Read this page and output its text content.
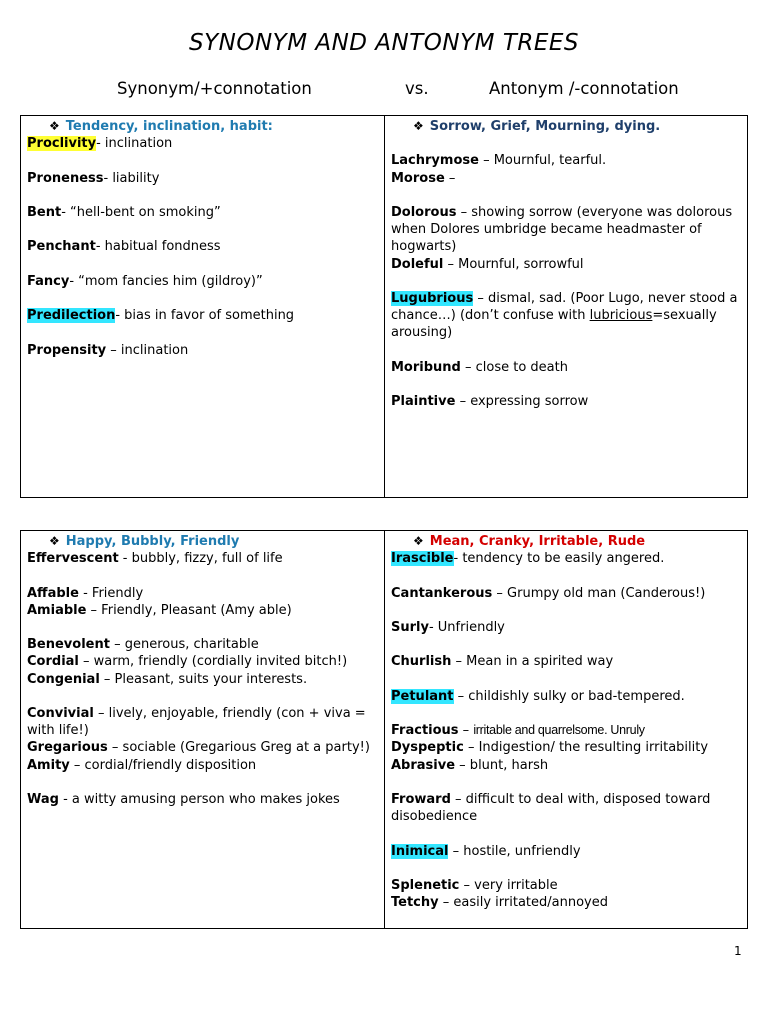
SYNONYM AND ANTONYM TREES
Synonym/+connotation	vs.	Antonym /-connotation
❖ Tendency, inclination, habit:
Proclivity- inclination
Proneness- liability
Bent- “hell-bent on smoking”
Penchant- habitual fondness
Fancy- “mom fancies him (gildroy)”
Predilection- bias in favor of something
Propensity – inclination
❖ Sorrow, Grief, Mourning, dying.
Lachrymose – Mournful, tearful.
Morose –
Dolorous – showing sorrow (everyone was dolorous when Dolores umbridge became headmaster of hogwarts)
Doleful – Mournful, sorrowful
Lugubrious – dismal, sad. (Poor Lugo, never stood a chance…) (don’t confuse with lubricious=sexually arousing)
Moribund – close to death
Plaintive – expressing sorrow
❖ Happy, Bubbly, Friendly
Effervescent - bubbly, fizzy, full of life
Affable - Friendly
Amiable – Friendly, Pleasant (Amy able)
Benevolent – generous, charitable
Cordial – warm, friendly (cordially invited bitch!)
Congenial – Pleasant, suits your interests.
Convivial – lively, enjoyable, friendly (con + viva = with life!)
Gregarious – sociable (Gregarious Greg at a party!)
Amity – cordial/friendly disposition
Wag - a witty amusing person who makes jokes
❖ Mean, Cranky, Irritable, Rude
Irascible- tendency to be easily angered.
Cantankerous – Grumpy old man (Canderous!)
Surly- Unfriendly
Churlish – Mean in a spirited way
Petulant – childishly sulky or bad-tempered.
Fractious – irritable and quarrelsome. Unruly
Dyspeptic – Indigestion/ the resulting irritability
Abrasive – blunt, harsh
Froward – difficult to deal with, disposed toward disobedience
Inimical – hostile, unfriendly
Splenetic – very irritable
Tetchy – easily irritated/annoyed
1
